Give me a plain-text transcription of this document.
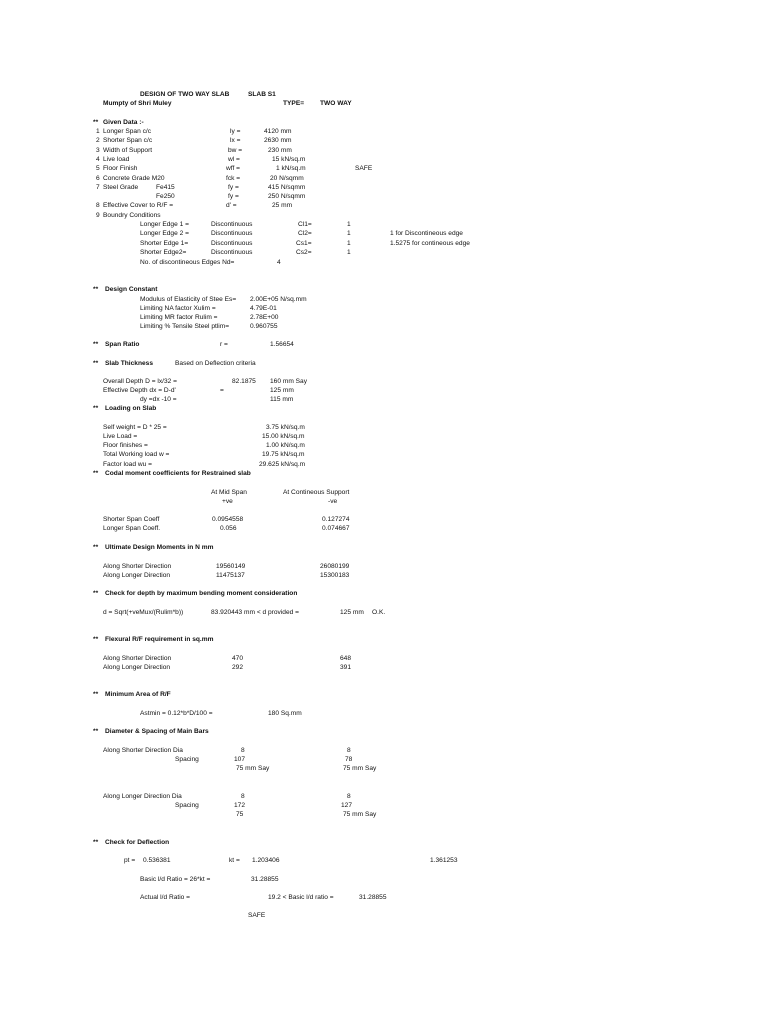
DESIGN OF TWO WAY SLAB	SLAB S1
Mumpty of Shri Muley	TYPE= TWO WAY
** Given Data :-
1 Longer Span c/c	ly =	4120 mm
2 Shorter Span c/c	lx =	2630 mm
3 Width of Support	bw =	230 mm
4 Live load	wl =	15 kN/sq.m
5 Floor Finish	wff =	1 kN/sq.m	SAFE
6 Concrete Grade M20	fck =	20 N/sqmm
7 Steel Grade	Fe415	fy =	415 N/sqmm
Fe250	fy =	250 N/sqmm
8 Effective Cover to R/F =	d' =	25 mm
9 Boundry Conditions
Longer Edge 1 =	Discontinuous	Cl1=	1
Longer Edge 2 =	Discontinuous	Cl2=	1	1 for Discontineous edge
Shorter Edge 1=	Discontinuous	Cs1=	1	1.5275 for contineous edge
Shorter Edge2=	Discontinuous	Cs2=	1
No. of discontineous Edges Nd=	4
** Design Constant
Modulus of Elasticity of Stee Es= 2.00E+05 N/sq.mm
Limiting NA factor Xulim =	4.79E-01
Limiting MR factor Rulim =	2.78E+00
Limiting % Tensile Steel ptlim=	0.960755
** Span Ratio	r =	1.56654
** Slab Thickness	Based on Deflection criteria
Overall Depth D = lx/32 =	82.1875 160 mm Say
Effective Depth dx = D-d'	=	125 mm
dy =dx -10 =	115 mm
** Loading on Slab
Self weight = D * 25 =	3.75 kN/sq.m
Live Load =	15.00 kN/sq.m
Floor finishes =	1.00 kN/sq.m
Total Working load w =	19.75 kN/sq.m
Factor load wu =	29.625 kN/sq.m
** Codal moment coefficients for Restrained slab
At Mid Span	At Contineous Support
+ve	-ve
Shorter Span Coeff	0.0954558	0.127274
Longer Span Coeff.	0.056	0.074667
** Ultimate Design Moments in N mm
Along Shorter Direction	19560149	26080199
Along Longer Direction	11475137	15300183
** Check for depth by maximum bending moment consideration
d = Sqrt(+veMux/(Rulim*b))	83.920443 mm < d provided =	125 mm O.K.
** Flexural R/F requirement in sq.mm
Along Shorter Direction	470	648
Along Longer Direction	292	391
** Minimum Area of R/F
Astmin = 0.12*b*D/100 =	180 Sq.mm
** Diameter & Spacing of Main Bars
Along Shorter Direction Dia	8	8
Spacing	107	78
75 mm Say	75 mm Say
Along Longer Direction Dia	8	8
Spacing	172	127
75	75 mm Say
** Check for Deflection
pt = 0.536381	kt = 1.203406	1.361253
Basic l/d Ratio = 26*kt =	31.28855
Actual l/d Ratio =	19.2 < Basic l/d ratio =	31.28855
SAFE
